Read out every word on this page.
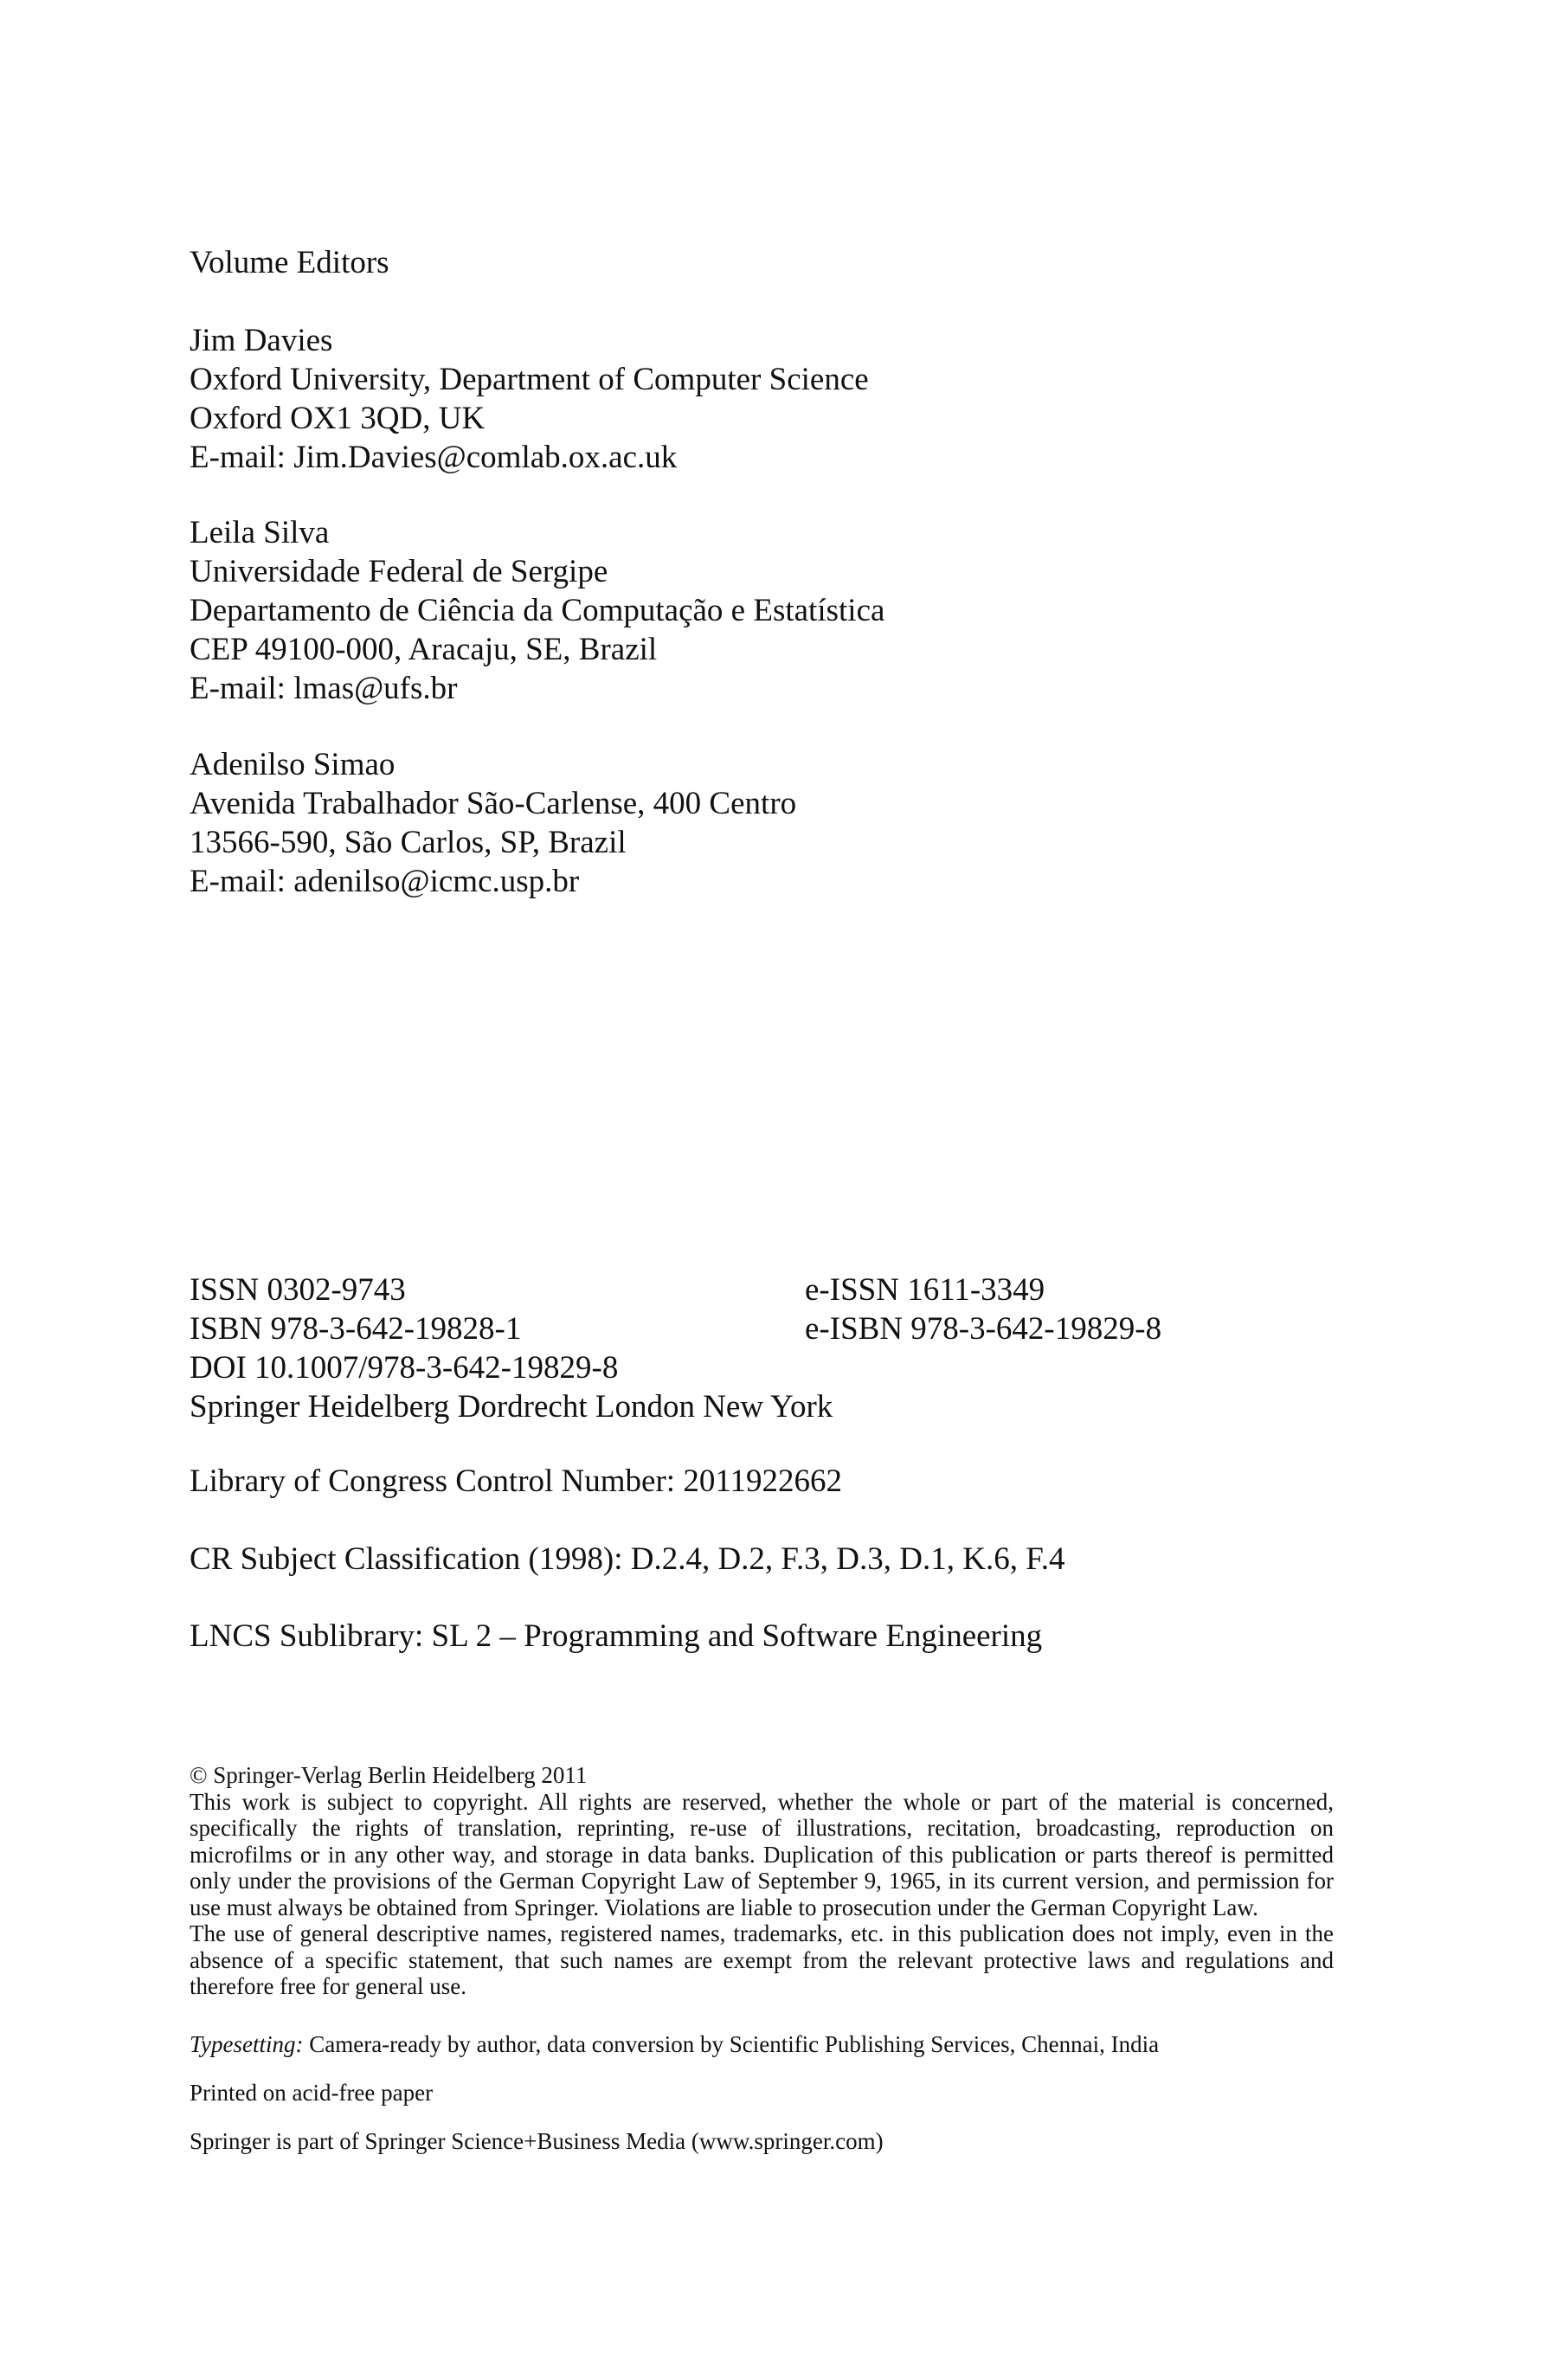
Volume Editors
Jim Davies
Oxford University, Department of Computer Science
Oxford OX1 3QD, UK
E-mail: Jim.Davies@comlab.ox.ac.uk
Leila Silva
Universidade Federal de Sergipe
Departamento de Ciência da Computação e Estatística
CEP 49100-000, Aracaju, SE, Brazil
E-mail: lmas@ufs.br
Adenilso Simao
Avenida Trabalhador São-Carlense, 400 Centro
13566-590, São Carlos, SP, Brazil
E-mail: adenilso@icmc.usp.br
ISSN 0302-9743	e-ISSN 1611-3349
ISBN 978-3-642-19828-1	e-ISBN 978-3-642-19829-8
DOI 10.1007/978-3-642-19829-8
Springer Heidelberg Dordrecht London New York
Library of Congress Control Number: 2011922662
CR Subject Classification (1998): D.2.4, D.2, F.3, D.3, D.1, K.6, F.4
LNCS Sublibrary: SL 2 – Programming and Software Engineering
© Springer-Verlag Berlin Heidelberg 2011
This work is subject to copyright. All rights are reserved, whether the whole or part of the material is concerned, specifically the rights of translation, reprinting, re-use of illustrations, recitation, broadcasting, reproduction on microfilms or in any other way, and storage in data banks. Duplication of this publication or parts thereof is permitted only under the provisions of the German Copyright Law of September 9, 1965, in its current version, and permission for use must always be obtained from Springer. Violations are liable to prosecution under the German Copyright Law.
The use of general descriptive names, registered names, trademarks, etc. in this publication does not imply, even in the absence of a specific statement, that such names are exempt from the relevant protective laws and regulations and therefore free for general use.
Typesetting: Camera-ready by author, data conversion by Scientific Publishing Services, Chennai, India
Printed on acid-free paper
Springer is part of Springer Science+Business Media (www.springer.com)
